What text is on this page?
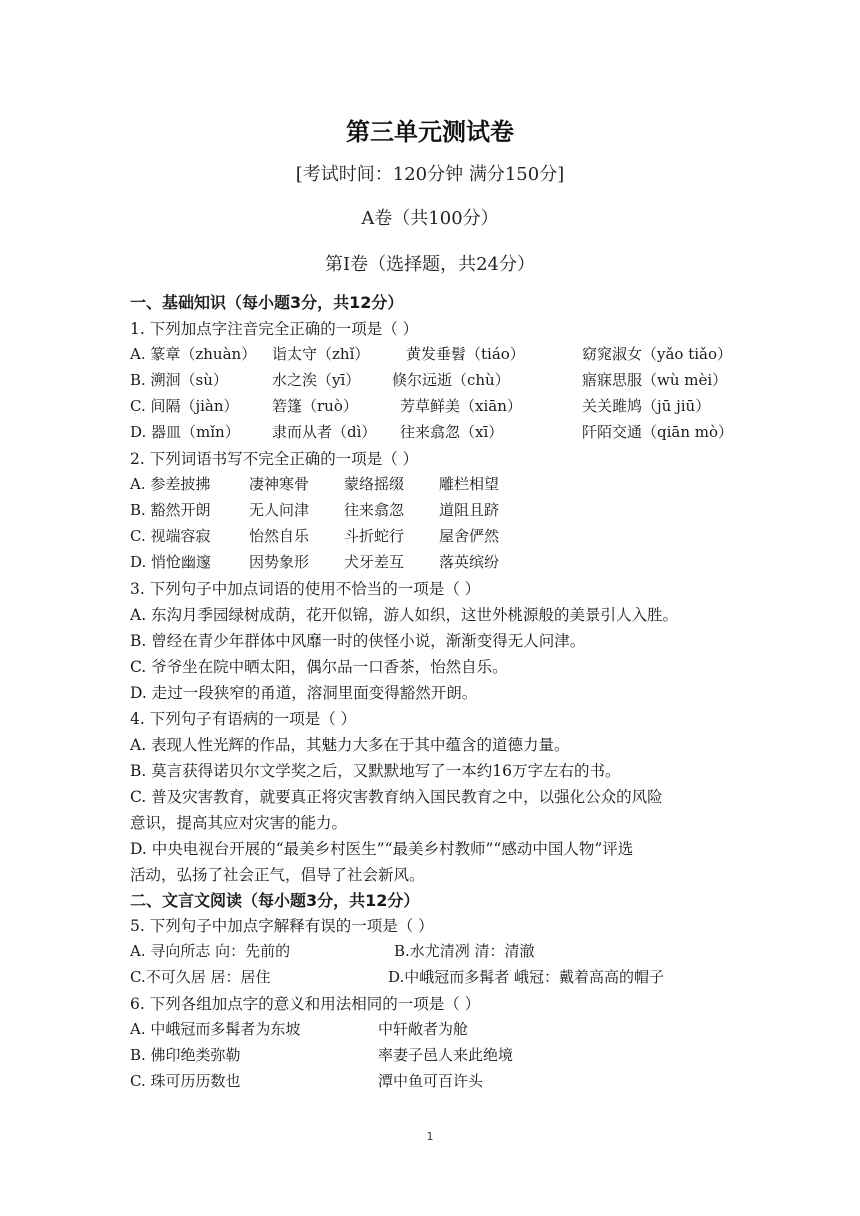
第三单元测试卷
[考试时间：120分钟 满分150分]
A卷（共100分）
第Ⅰ卷（选择题，共24分）
一、基础知识（每小题3分，共12分）
1. 下列加点字注音完全正确的一项是（ ）
A. 篆章（zhuàn） 诣太守（zhǐ） 黄发垂髫（tiáo）	窈窕淑女（yǎo tiǎo）
B. 溯洄（sù）	水之涘（yī） 倏尔远逝（chù）	寤寐思服（wù mèi）
C. 间隔（jiàn） 箬篷（ruò）	芳草鲜美（xiān）	关关雎鸠（jū jiū）
D. 器皿（mǐn） 隶而从者（dì） 往来翕忽（xī）	阡陌交通（qiān mò）
2. 下列词语书写不完全正确的一项是（ ）
A. 参差披拂	凄神寒骨 蒙络摇缀 雕栏相望
B. 豁然开朗	无人问津 往来翕忽 道阻且跻
C. 视端容寂	怡然自乐 斗折蛇行 屋舍俨然
D. 悄怆幽邃	因势象形 犬牙差互 落英缤纷
3. 下列句子中加点词语的使用不恰当的一项是（ ）
A. 东沟月季园绿树成荫，花开似锦，游人如织，这世外桃源般的美景引人入胜。
B. 曾经在青少年群体中风靡一时的侠怪小说，渐渐变得无人问津。
C. 爷爷坐在院中晒太阳，偶尔品一口香茶，怡然自乐。
D. 走过一段狭窄的甬道，溶洞里面变得豁然开朗。
4. 下列句子有语病的一项是（ ）
A. 表现人性光辉的作品，其魅力大多在于其中蕴含的道德力量。
B. 莫言获得诺贝尔文学奖之后，又默默地写了一本约16万字左右的书。
C. 普及灾害教育，就要真正将灾害教育纳入国民教育之中，以强化公众的风险
意识，提高其应对灾害的能力。
D. 中央电视台开展的“最美乡村医生”“最美乡村教师”“感动中国人物”评选
活动，弘扬了社会正气，倡导了社会新风。
二、文言文阅读（每小题3分，共12分）
5. 下列句子中加点字解释有误的一项是（ ）
A. 寻向所志 向：先前的	B.水尤清冽 清：清澈
C.不可久居 居：居住	D.中峨冠而多髯者 峨冠：戴着高高的帽子
6. 下列各组加点字的意义和用法相同的一项是（ ）
A. 中峨冠而多髯者为东坡	中轩敞者为舱
B. 佛印绝类弥勒	率妻子邑人来此绝境
C. 珠可历历数也	潭中鱼可百许头
1
